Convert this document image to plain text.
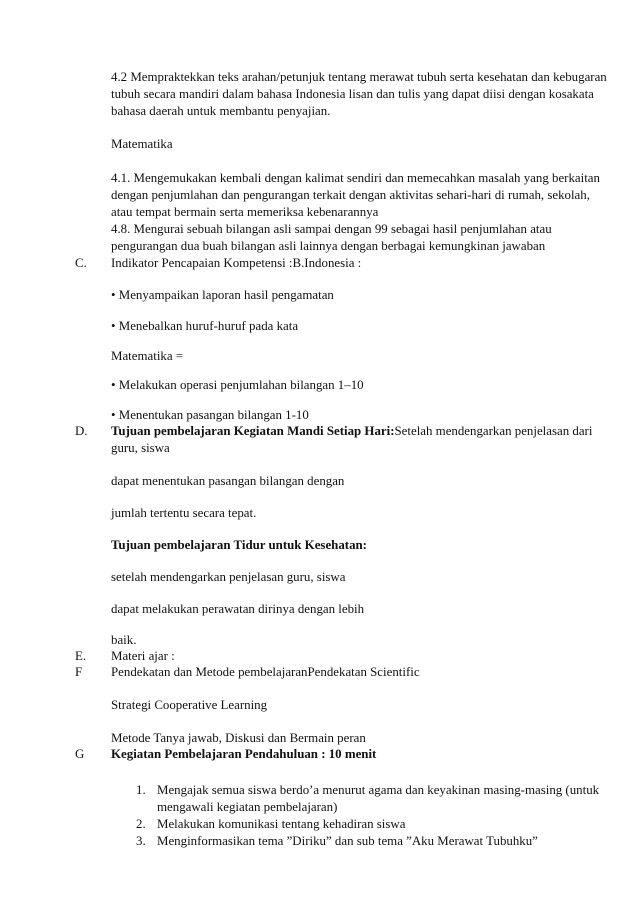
4.2 Mempraktekkan teks arahan/petunjuk tentang merawat tubuh serta kesehatan dan kebugaran tubuh secara mandiri dalam bahasa Indonesia lisan dan tulis yang dapat diisi dengan kosakata bahasa daerah untuk membantu penyajian.

Matematika

4.1. Mengemukakan kembali dengan kalimat sendiri dan memecahkan masalah yang berkaitan dengan penjumlahan dan pengurangan terkait dengan aktivitas sehari-hari di rumah, sekolah, atau tempat bermain serta memeriksa kebenarannya

4.8. Mengurai sebuah bilangan asli sampai dengan 99 sebagai hasil penjumlahan atau pengurangan dua buah bilangan asli lainnya dengan berbagai kemungkinan jawaban

C. Indikator Pencapaian Kompetensi :B.Indonesia :

• Menyampaikan laporan hasil pengamatan

• Menebalkan huruf-huruf pada kata

Matematika =

• Melakukan operasi penjumlahan bilangan 1–10

• Menentukan pasangan bilangan 1-10

D. Tujuan pembelajaran Kegiatan Mandi Setiap Hari:Setelah mendengarkan penjelasan dari guru, siswa

dapat menentukan pasangan bilangan dengan

jumlah tertentu secara tepat.

Tujuan pembelajaran Tidur untuk Kesehatan:

setelah mendengarkan penjelasan guru, siswa

dapat melakukan perawatan dirinya dengan lebih

baik.

E. Materi ajar :

F Pendekatan dan Metode pembelajaranPendekatan Scientific

Strategi Cooperative Learning

Metode Tanya jawab, Diskusi dan Bermain peran

G Kegiatan Pembelajaran Pendahuluan : 10 menit

1. Mengajak semua siswa berdo’a menurut agama dan keyakinan masing-masing (untuk mengawali kegiatan pembelajaran)

2. Melakukan komunikasi tentang kehadiran siswa

3. Menginformasikan tema ”Diriku” dan sub tema ”Aku Merawat Tubuhku”
